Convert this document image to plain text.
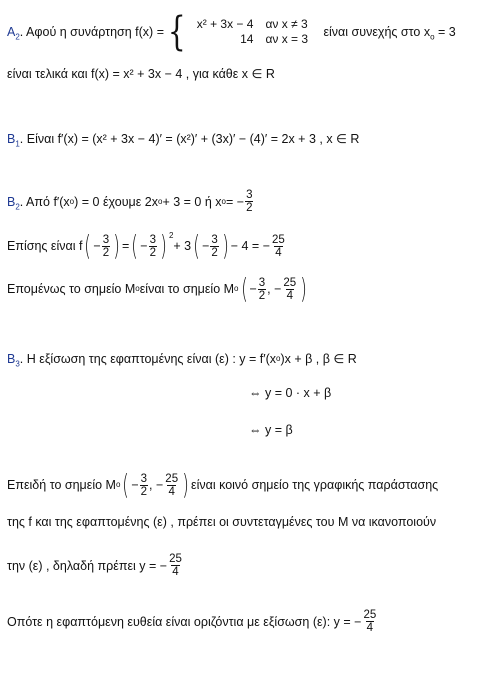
$A_2$ . Αφού η συνάρτηση f(x) = { x² + 3x − 4	αν x ≠ 3
14	αν x = 3	είναι συνεχής στο $x_o = 3$
είναι τελικά και f(x) = x² + 3x − 4 , για κάθε x ∈ R
$B_1$ . Είναι f′(x) = (x² + 3x − 4)′ = (x²)′ + (3x)′ − (4)′ = 2x + 3 , x ∈ R
$B_2$ . Από f′(x ο ) = 0 έχουμε 2x ο + 3 = 0 ή x ο = − $\frac{3}{2}$
Επίσης είναι f ( − $\frac{3}{2}$ ) = ( − $\frac{3}{2}$ ) $^2$
+ 3 ( − $\frac{3}{2}$ ) − 4 = − $\frac{25}{4}$
Επομένως το σημείο Μ ο είναι το σημείο Μ ο ( − $\frac{3}{2}$ , − $\frac{25}{4}$ )
$B_3$ . Η εξίσωση της εφαπτομένης είναι (ε) : y = f′(x ο )x + β , β ∈ R
⇔ y = 0 · x + β
⇔ y = β
Επειδή το σημείο Μ ο ( − $\frac{3}{2}$ , − $\frac{25}{4}$ ) είναι κοινό σημείο της γραφικής παράστασης
της f και της εφαπτομένης (ε) , πρέπει οι συντεταγμένες του Μ να ικανοποιούν
την (ε) , δηλαδή πρέπει y = − $\frac{25}{4}$
Οπότε η εφαπτόμενη ευθεία είναι οριζόντια με εξίσωση (ε): y = − $\frac{25}{4}$
